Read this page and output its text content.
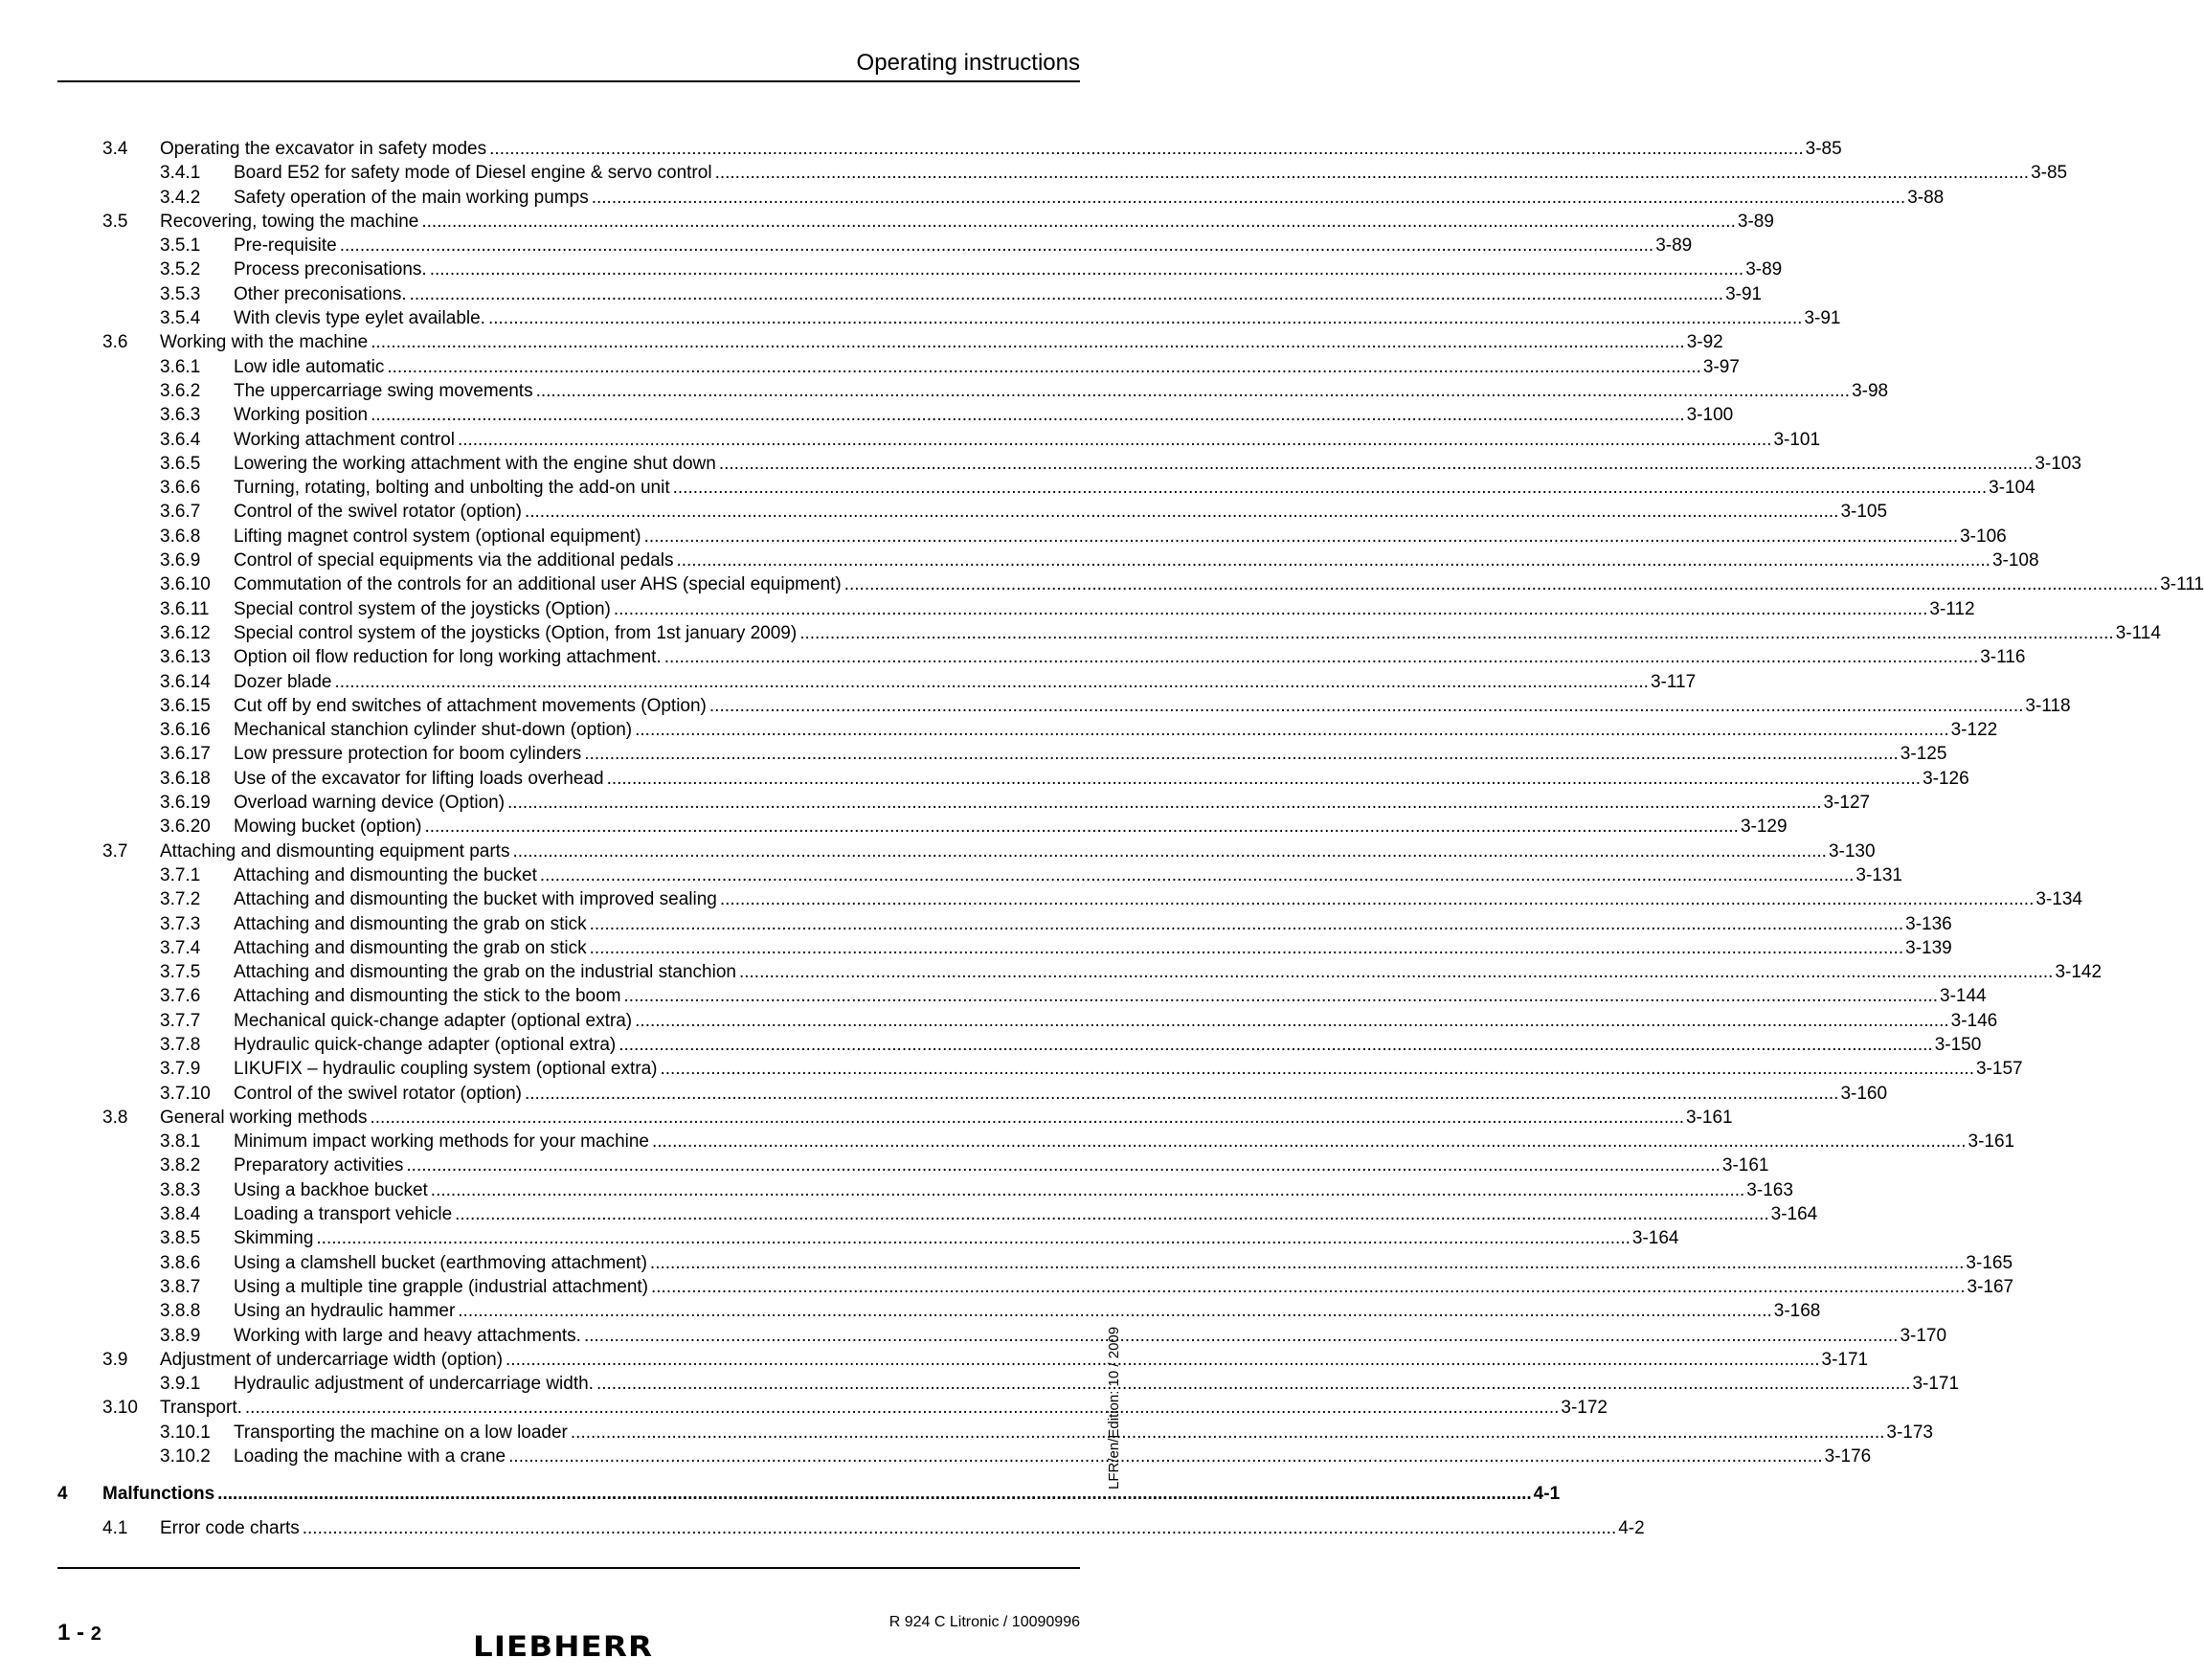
Operating instructions
3.4 Operating the excavator in safety modes .................................................................................................................................................................................................................................................................... 3-85
3.4.1 Board E52 for safety mode of Diesel engine & servo control .................................................................................................................................................................................................................................................................... 3-85
3.4.2 Safety operation of the main working pumps .................................................................................................................................................................................................................................................................... 3-88
3.5 Recovering, towing the machine .................................................................................................................................................................................................................................................................... 3-89
3.5.1 Pre-requisite .................................................................................................................................................................................................................................................................... 3-89
3.5.2 Process preconisations. .................................................................................................................................................................................................................................................................... 3-89
3.5.3 Other preconisations. .................................................................................................................................................................................................................................................................... 3-91
3.5.4 With clevis type eylet available. .................................................................................................................................................................................................................................................................... 3-91
3.6 Working with the machine .................................................................................................................................................................................................................................................................... 3-92
3.6.1 Low idle automatic .................................................................................................................................................................................................................................................................... 3-97
3.6.2 The uppercarriage swing movements .................................................................................................................................................................................................................................................................... 3-98
3.6.3 Working position .................................................................................................................................................................................................................................................................... 3-100
3.6.4 Working attachment control .................................................................................................................................................................................................................................................................... 3-101
3.6.5 Lowering the working attachment with the engine shut down .................................................................................................................................................................................................................................................................... 3-103
3.6.6 Turning, rotating, bolting and unbolting the add-on unit .................................................................................................................................................................................................................................................................... 3-104
3.6.7 Control of the swivel rotator (option) .................................................................................................................................................................................................................................................................... 3-105
3.6.8 Lifting magnet control system (optional equipment) .................................................................................................................................................................................................................................................................... 3-106
3.6.9 Control of special equipments via the additional pedals .................................................................................................................................................................................................................................................................... 3-108
3.6.10 Commutation of the controls for an additional user AHS (special equipment) .................................................................................................................................................................................................................................................................... 3-111
3.6.11 Special control system of the joysticks (Option) .................................................................................................................................................................................................................................................................... 3-112
3.6.12 Special control system of the joysticks (Option, from 1st january 2009) .................................................................................................................................................................................................................................................................... 3-114
3.6.13 Option oil flow reduction for long working attachment. .................................................................................................................................................................................................................................................................... 3-116
3.6.14 Dozer blade .................................................................................................................................................................................................................................................................... 3-117
3.6.15 Cut off by end switches of attachment movements (Option) .................................................................................................................................................................................................................................................................... 3-118
3.6.16 Mechanical stanchion cylinder shut-down (option) .................................................................................................................................................................................................................................................................... 3-122
3.6.17 Low pressure protection for boom cylinders .................................................................................................................................................................................................................................................................... 3-125
3.6.18 Use of the excavator for lifting loads overhead .................................................................................................................................................................................................................................................................... 3-126
3.6.19 Overload warning device (Option) .................................................................................................................................................................................................................................................................... 3-127
3.6.20 Mowing bucket (option) .................................................................................................................................................................................................................................................................... 3-129
3.7 Attaching and dismounting equipment parts .................................................................................................................................................................................................................................................................... 3-130
3.7.1 Attaching and dismounting the bucket .................................................................................................................................................................................................................................................................... 3-131
3.7.2 Attaching and dismounting the bucket with improved sealing .................................................................................................................................................................................................................................................................... 3-134
3.7.3 Attaching and dismounting the grab on stick .................................................................................................................................................................................................................................................................... 3-136
3.7.4 Attaching and dismounting the grab on stick .................................................................................................................................................................................................................................................................... 3-139
3.7.5 Attaching and dismounting the grab on the industrial stanchion .................................................................................................................................................................................................................................................................... 3-142
3.7.6 Attaching and dismounting the stick to the boom .................................................................................................................................................................................................................................................................... 3-144
3.7.7 Mechanical quick-change adapter (optional extra) .................................................................................................................................................................................................................................................................... 3-146
3.7.8 Hydraulic quick-change adapter (optional extra) .................................................................................................................................................................................................................................................................... 3-150
3.7.9 LIKUFIX – hydraulic coupling system (optional extra) .................................................................................................................................................................................................................................................................... 3-157
3.7.10 Control of the swivel rotator (option) .................................................................................................................................................................................................................................................................... 3-160
3.8 General working methods .................................................................................................................................................................................................................................................................... 3-161
3.8.1 Minimum impact working methods for your machine .................................................................................................................................................................................................................................................................... 3-161
3.8.2 Preparatory activities .................................................................................................................................................................................................................................................................... 3-161
3.8.3 Using a backhoe bucket .................................................................................................................................................................................................................................................................... 3-163
3.8.4 Loading a transport vehicle .................................................................................................................................................................................................................................................................... 3-164
3.8.5 Skimming .................................................................................................................................................................................................................................................................... 3-164
3.8.6 Using a clamshell bucket (earthmoving attachment) .................................................................................................................................................................................................................................................................... 3-165
3.8.7 Using a multiple tine grapple (industrial attachment) .................................................................................................................................................................................................................................................................... 3-167
3.8.8 Using an hydraulic hammer .................................................................................................................................................................................................................................................................... 3-168
3.8.9 Working with large and heavy attachments. .................................................................................................................................................................................................................................................................... 3-170
3.9 Adjustment of undercarriage width (option) .................................................................................................................................................................................................................................................................... 3-171
3.9.1 Hydraulic adjustment of undercarriage width. .................................................................................................................................................................................................................................................................... 3-171
3.10 Transport. .................................................................................................................................................................................................................................................................... 3-172
3.10.1 Transporting the machine on a low loader .................................................................................................................................................................................................................................................................... 3-173
3.10.2 Loading the machine with a crane .................................................................................................................................................................................................................................................................... 3-176
4 Malfunctions .................................................................................................................................................................................................................................................................... 4-1
4.1 Error code charts .................................................................................................................................................................................................................................................................... 4-2
LFR/en/Edition: 10 / 2009
1 - 2
R 924 C Litronic / 10090996
LIEBHERR
